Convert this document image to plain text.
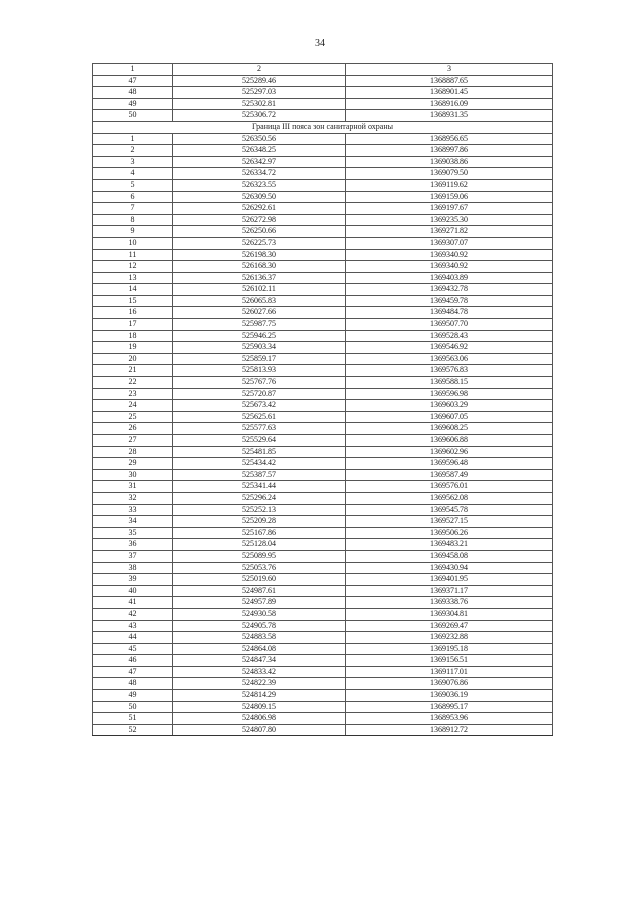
34
1	2	3
47	525289.46	1368887.65
48	525297.03	1368901.45
49	525302.81	1368916.09
50	525306.72	1368931.35
Граница III пояса зон санитарной охраны		
1	526350.56	1368956.65
2	526348.25	1368997.86
3	526342.97	1369038.86
4	526334.72	1369079.50
5	526323.55	1369119.62
6	526309.50	1369159.06
7	526292.61	1369197.67
8	526272.98	1369235.30
9	526250.66	1369271.82
10	526225.73	1369307.07
11	526198.30	1369340.92
12	526168.30	1369340.92
13	526136.37	1369403.89
14	526102.11	1369432.78
15	526065.83	1369459.78
16	526027.66	1369484.78
17	525987.75	1369507.70
18	525946.25	1369528.43
19	525903.34	1369546.92
20	525859.17	1369563.06
21	525813.93	1369576.83
22	525767.76	1369588.15
23	525720.87	1369596.98
24	525673.42	1369603.29
25	525625.61	1369607.05
26	525577.63	1369608.25
27	525529.64	1369606.88
28	525481.85	1369602.96
29	525434.42	1369596.48
30	525387.57	1369587.49
31	525341.44	1369576.01
32	525296.24	1369562.08
33	525252.13	1369545.78
34	525209.28	1369527.15
35	525167.86	1369506.26
36	525128.04	1369483.21
37	525089.95	1369458.08
38	525053.76	1369430.94
39	525019.60	1369401.95
40	524987.61	1369371.17
41	524957.89	1369338.76
42	524930.58	1369304.81
43	524905.78	1369269.47
44	524883.58	1369232.88
45	524864.08	1369195.18
46	524847.34	1369156.51
47	524833.42	1369117.01
48	524822.39	1369076.86
49	524814.29	1369036.19
50	524809.15	1368995.17
51	524806.98	1368953.96
52	524807.80	1368912.72
